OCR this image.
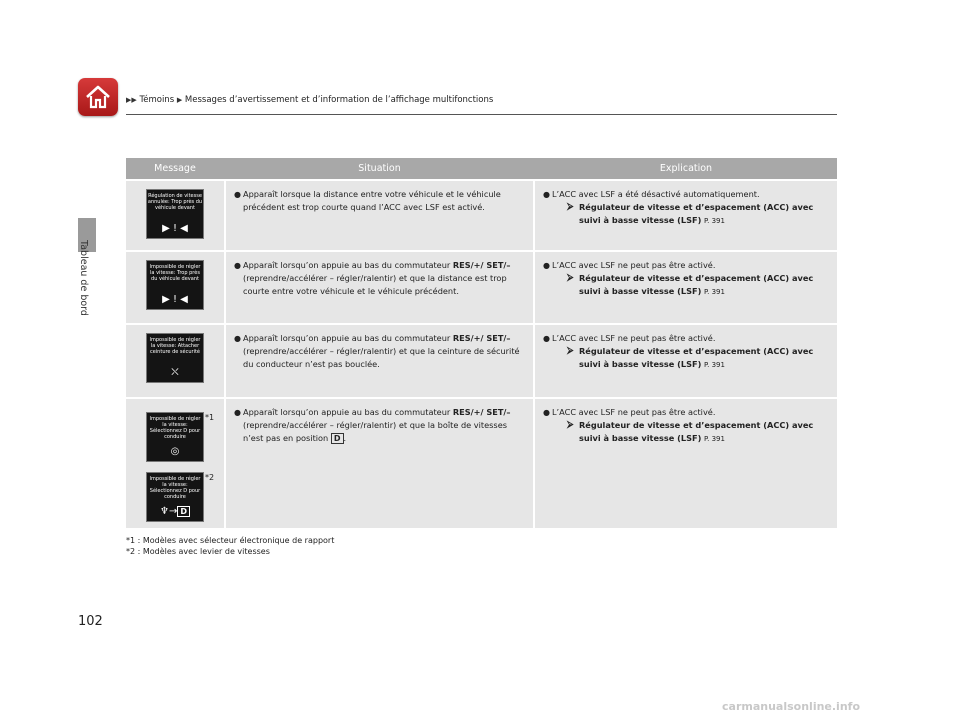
▶▶ Témoins ▶ Messages d’avertissement et d’information de l’affichage multifonctions
Tableau de bord
Message	Situation	Explication
Régulation de vitesse annulée: Trop près du véhicule devant
▶ ! ◀
● Apparaît lorsque la distance entre votre véhicule et le véhicule précédent est trop courte quand l’ACC avec LSF est activé.
● L’ACC avec LSF a été désactivé automatiquement.
⮚ Régulateur de vitesse et d’espacement (ACC) avec suivi à basse vitesse (LSF) P. 391
Impossible de régler la vitesse: Trop près du véhicule devant
▶ ! ◀
● Apparaît lorsqu’on appuie au bas du commutateur RES/+/ SET/– (reprendre/accélérer – régler/ralentir) et que la distance est trop courte entre votre véhicule et le véhicule précédent.
● L’ACC avec LSF ne peut pas être activé.
⮚ Régulateur de vitesse et d’espacement (ACC) avec suivi à basse vitesse (LSF) P. 391
Impossible de régler la vitesse: Attacher ceinture de sécurité
⛌
● Apparaît lorsqu’on appuie au bas du commutateur RES/+/ SET/– (reprendre/accélérer – régler/ralentir) et que la ceinture de sécurité du conducteur n’est pas bouclée.
● L’ACC avec LSF ne peut pas être activé.
⮚ Régulateur de vitesse et d’espacement (ACC) avec suivi à basse vitesse (LSF) P. 391
Impossible de régler la vitesse: Sélectionnez D pour conduire
◎
*1
Impossible de régler la vitesse: Sélectionnez D pour conduire
♆→ D
*2
● Apparaît lorsqu’on appuie au bas du commutateur RES/+/ SET/– (reprendre/accélérer – régler/ralentir) et que la boîte de vitesses n’est pas en position D .
● L’ACC avec LSF ne peut pas être activé.
⮚ Régulateur de vitesse et d’espacement (ACC) avec suivi à basse vitesse (LSF) P. 391
*1 : Modèles avec sélecteur électronique de rapport
*2 : Modèles avec levier de vitesses
102
carmanualsonline.info
